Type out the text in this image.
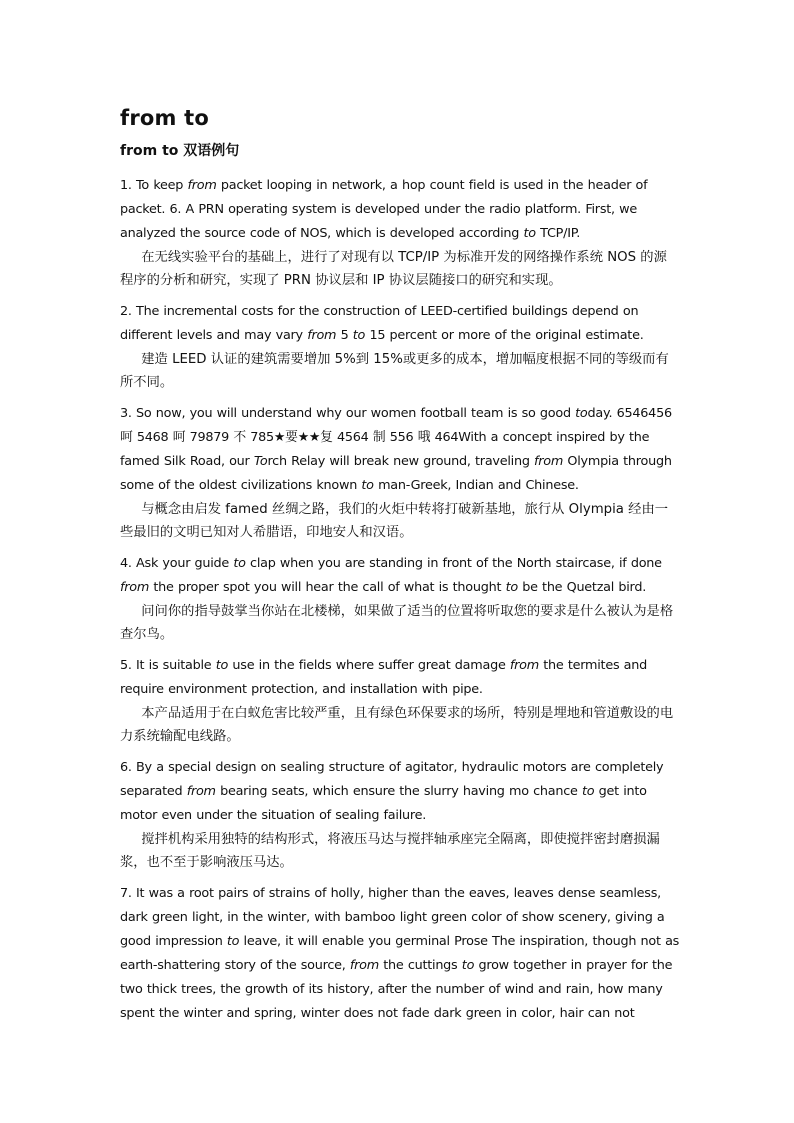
from to
from to 双语例句
1. To keep from packet looping in network, a hop count field is used in the header of packet. 6. A PRN operating system is developed under the radio platform. First, we analyzed the source code of NOS, which is developed according to TCP/IP.
在无线实验平台的基础上，进行了对现有以 TCP/IP 为标准开发的网络操作系统 NOS 的源程序的分析和研究，实现了 PRN 协议层和 IP 协议层随接口的研究和实现。
2. The incremental costs for the construction of LEED-certified buildings depend on different levels and may vary from 5 to 15 percent or more of the original estimate.
建造 LEED 认证的建筑需要增加 5%到 15%或更多的成本，增加幅度根据不同的等级而有所不同。
3. So now, you will understand why our women football team is so good today. 6546456 呵 5468 呵 79879 不 785★要★★复 4564 制 556 哦 464With a concept inspired by the famed Silk Road, our Torch Relay will break new ground, traveling from Olympia through some of the oldest civilizations known to man-Greek, Indian and Chinese.
与概念由启发 famed 丝绸之路，我们的火炬中转将打破新基地，旅行从 Olympia 经由一些最旧的文明已知对人希腊语，印地安人和汉语。
4. Ask your guide to clap when you are standing in front of the North staircase, if done from the proper spot you will hear the call of what is thought to be the Quetzal bird.
问问你的指导鼓掌当你站在北楼梯，如果做了适当的位置将听取您的要求是什么被认为是格查尔鸟。
5. It is suitable to use in the fields where suffer great damage from the termites and require environment protection, and installation with pipe.
本产品适用于在白蚁危害比较严重，且有绿色环保要求的场所，特别是埋地和管道敷设的电力系统输配电线路。
6. By a special design on sealing structure of agitator, hydraulic motors are completely separated from bearing seats, which ensure the slurry having mo chance to get into motor even under the situation of sealing failure.
搅拌机构采用独特的结构形式，将液压马达与搅拌轴承座完全隔离，即使搅拌密封磨损漏浆，也不至于影响液压马达。
7. It was a root pairs of strains of holly, higher than the eaves, leaves dense seamless, dark green light, in the winter, with bamboo light green color of show scenery, giving a good impression to leave, it will enable you germinal Prose The inspiration, though not as earth-shattering story of the source, from the cuttings to grow together in prayer for the two thick trees, the growth of its history, after the number of wind and rain, how many spent the winter and spring, winter does not fade dark green in color, hair can not
